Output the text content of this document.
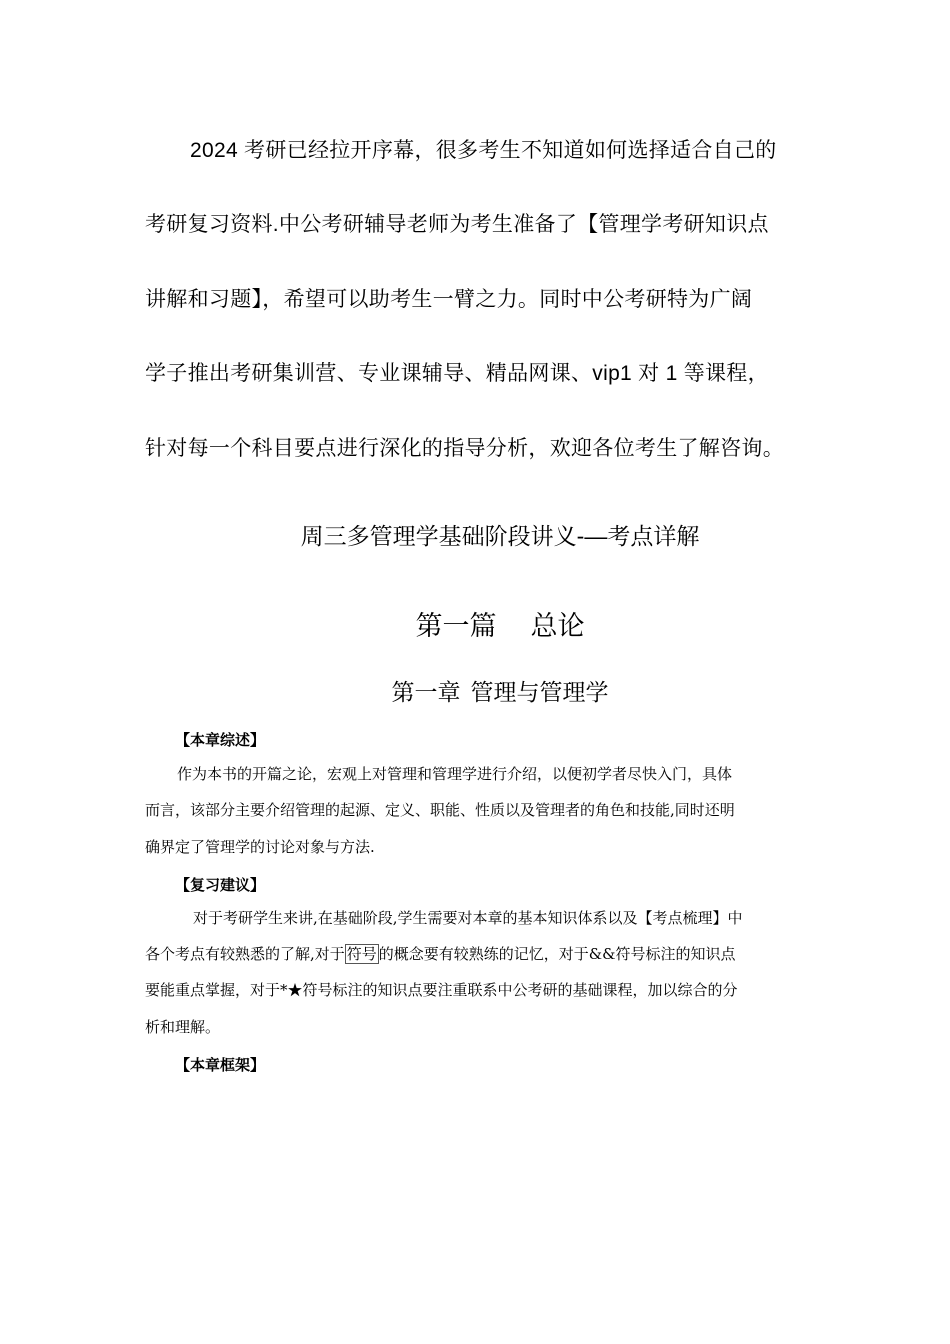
2024 考研已经拉开序幕，很多考生不知道如何选择适合自己的
考研复习资料.中公考研辅导老师为考生准备了【管理学考研知识点
讲解和习题】，希望可以助考生一臂之力。同时中公考研特为广阔
学子推出考研集训营、专业课辅导、精品网课、vip1 对 1 等课程，
针对每一个科目要点进行深化的指导分析，欢迎各位考生了解咨询。
周三多管理学基础阶段讲义-—考点详解
第一篇 总论
第一章 管理与管理学
【本章综述】
作为本书的开篇之论，宏观上对管理和管理学进行介绍，以便初学者尽快入门，具体
而言，该部分主要介绍管理的起源、定义、职能、性质以及管理者的角色和技能,同时还明
确界定了管理学的讨论对象与方法.
【复习建议】
对于考研学生来讲,在基础阶段,学生需要对本章的基本知识体系以及【考点梳理】中
各个考点有较熟悉的了解,对于 符号 的概念要有较熟练的记忆，对于&&符号标注的知识点
要能重点掌握，对于*★符号标注的知识点要注重联系中公考研的基础课程，加以综合的分
析和理解。
【本章框架】
